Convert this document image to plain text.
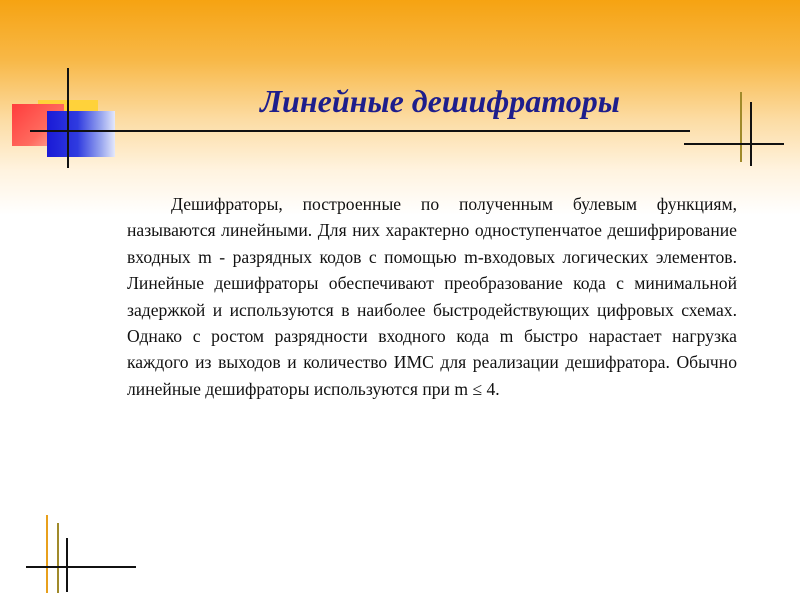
Линейные дешифраторы

Дешифраторы, построенные по полученным булевым функциям, называются линейными. Для них характерно одноступенчатое дешифрирование входных m - разрядных кодов с помощью m-входовых логических элементов. Линейные дешифраторы обеспечивают преобразование кода с минимальной задержкой и используются в наиболее быстродействующих цифровых схемах. Однако с ростом разрядности входного кода m быстро нарастает нагрузка каждого из выходов и количество ИМС для реализации дешифратора. Обычно линейные дешифраторы используются при m ≤ 4.
